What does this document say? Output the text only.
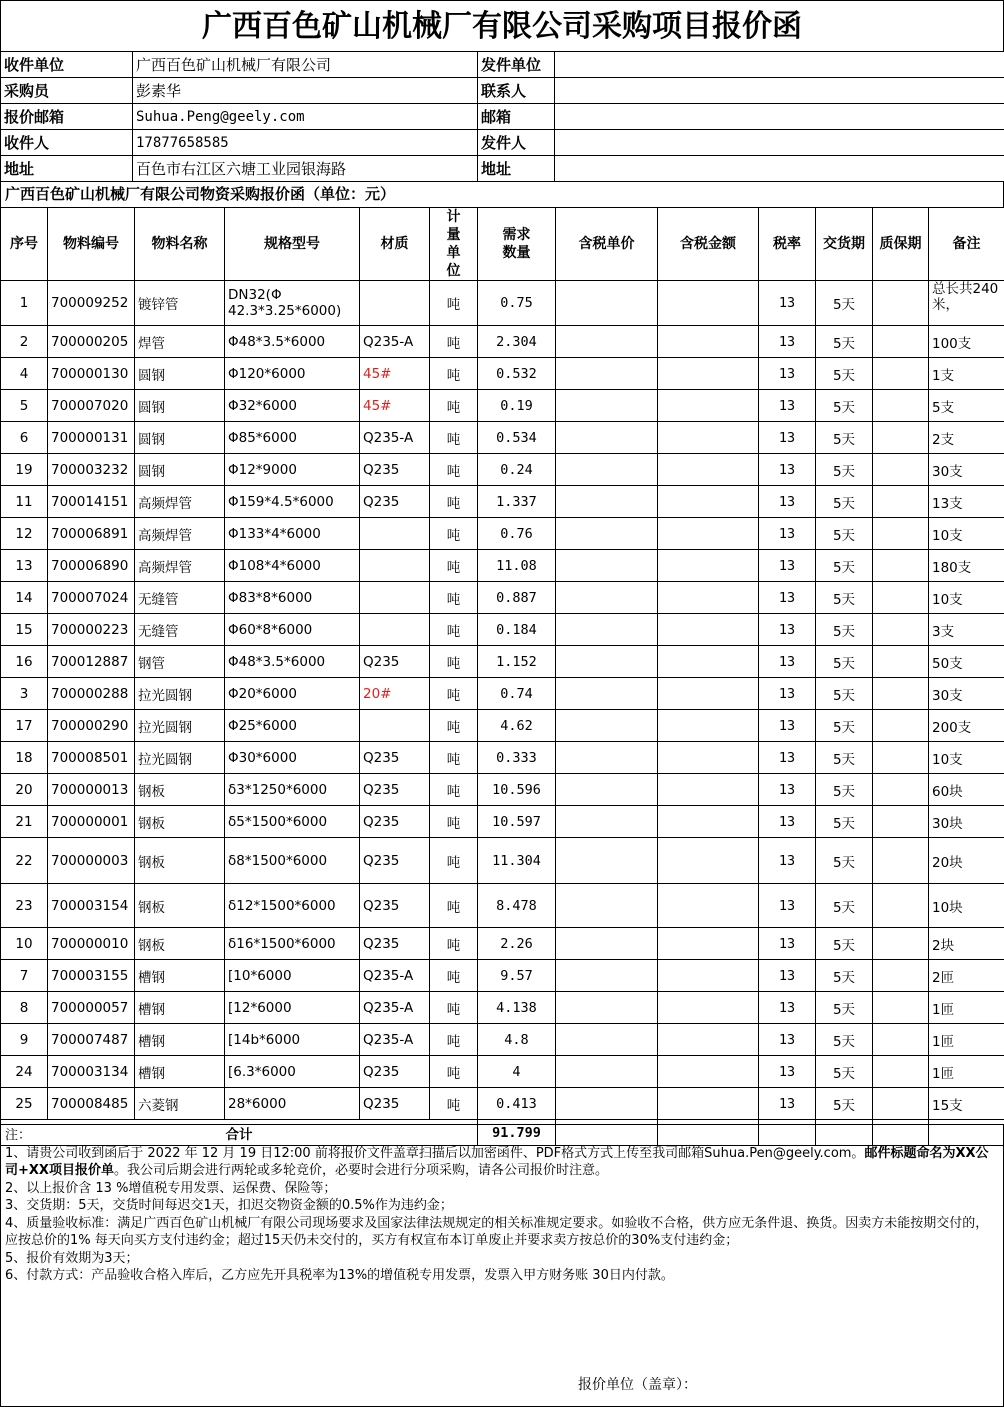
广西百色矿山机械厂有限公司采购项目报价函
收件单位	广西百色矿山机械厂有限公司	发件单位	
采购员	彭素华	联系人	
报价邮箱	Suhua.Peng@geely.com	邮箱	
收件人	17877658585	发件人	
地址	百色市右江区六塘工业园银海路	地址	
广西百色矿山机械厂有限公司物资采购报价函（单位：元）
序号	物料编号	物料名称	规格型号	材质	计量单位	需求数量	含税单价	含税金额	税率	交货期	质保期	备注
1	700009252	镀锌管	DN32(Φ 42.3*3.25*6000)		吨	0.75			13	5天		总长共240米，
2	700000205	焊管	Φ48*3.5*6000	Q235-A	吨	2.304			13	5天		100支
4	700000130	圆钢	Φ120*6000	45#	吨	0.532			13	5天		1支
5	700007020	圆钢	Φ32*6000	45#	吨	0.19			13	5天		5支
6	700000131	圆钢	Φ85*6000	Q235-A	吨	0.534			13	5天		2支
19	700003232	圆钢	Φ12*9000	Q235	吨	0.24			13	5天		30支
11	700014151	高频焊管	Φ159*4.5*6000	Q235	吨	1.337			13	5天		13支
12	700006891	高频焊管	Φ133*4*6000		吨	0.76			13	5天		10支
13	700006890	高频焊管	Φ108*4*6000		吨	11.08			13	5天		180支
14	700007024	无缝管	Φ83*8*6000		吨	0.887			13	5天		10支
15	700000223	无缝管	Φ60*8*6000		吨	0.184			13	5天		3支
16	700012887	钢管	Φ48*3.5*6000	Q235	吨	1.152			13	5天		50支
3	700000288	拉光圆钢	Φ20*6000	20#	吨	0.74			13	5天		30支
17	700000290	拉光圆钢	Φ25*6000		吨	4.62			13	5天		200支
18	700008501	拉光圆钢	Φ30*6000	Q235	吨	0.333			13	5天		10支
20	700000013	钢板	δ3*1250*6000	Q235	吨	10.596			13	5天		60块
21	700000001	钢板	δ5*1500*6000	Q235	吨	10.597			13	5天		30块
22	700000003	钢板	δ8*1500*6000	Q235	吨	11.304			13	5天		20块
23	700003154	钢板	δ12*1500*6000	Q235	吨	8.478			13	5天		10块
10	700000010	钢板	δ16*1500*6000	Q235	吨	2.26			13	5天		2块
7	700003155	槽钢	[10*6000	Q235-A	吨	9.57			13	5天		2匝
8	700000057	槽钢	[12*6000	Q235-A	吨	4.138			13	5天		1匝
9	700007487	槽钢	[14b*6000	Q235-A	吨	4.8			13	5天		1匝
24	700003134	槽钢	[6.3*6000	Q235	吨	4			13	5天		1匝
25	700008485	六菱钢	28*6000	Q235	吨	0.413			13	5天		15支
合计						91.799						

注：

1、请贵公司收到函后于 2022 年 12 月 19 日12:00 前将报价文件盖章扫描后以加密函件、PDF格式方式上传至我司邮箱Suhua.Pen@geely.com。邮件标题命名为XX公司+XX项目报价单。我公司后期会进行两轮或多轮竞价，必要时会进行分项采购，请各公司报价时注意。

2、以上报价含 13 %增值税专用发票、运保费、保险等；

3、交货期：5天，交货时间每迟交1天，扣迟交物资金额的0.5%作为违约金；

4、质量验收标准：满足广西百色矿山机械厂有限公司现场要求及国家法律法规规定的相关标准规定要求。如验收不合格，供方应无条件退、换货。因卖方未能按期交付的，应按总价的1% 每天向买方支付违约金；超过15天仍未交付的，买方有权宣布本订单废止并要求卖方按总价的30%支付违约金；

5、报价有效期为3天；

6、付款方式：产品验收合格入库后，乙方应先开具税率为13%的增值税专用发票，发票入甲方财务账 30日内付款。

报价单位（盖章）：
